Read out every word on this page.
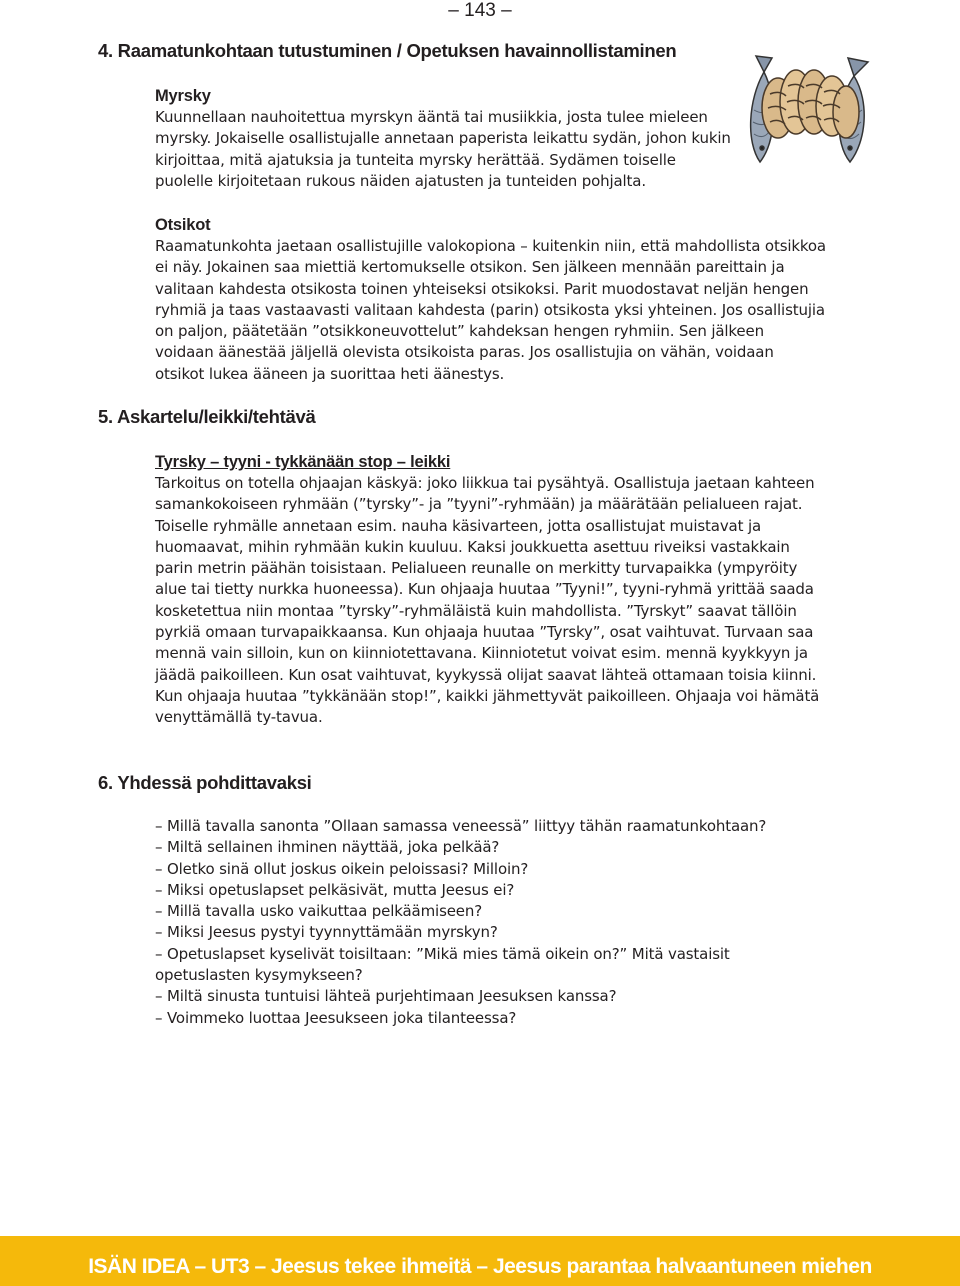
– 143 –
4. Raamatunkohtaan tutustuminen / Opetuksen havainnollistaminen
Myrsky

Kuunnellaan nauhoitettua myrskyn ääntä tai musiikkia, josta tulee mieleen myrsky. Jokaiselle osallistujalle annetaan paperista leikattu sydän, johon kukin kirjoittaa, mitä ajatuksia ja tunteita myrsky herättää. Sydämen toiselle puolelle kirjoitetaan rukous näiden ajatusten ja tunteiden pohjalta.

Otsikot

Raamatunkohta jaetaan osallistujille valokopiona – kuitenkin niin, että mahdollista otsikkoa ei näy. Jokainen saa miettiä kertomukselle otsikon. Sen jälkeen mennään pareittain ja valitaan kahdesta otsikosta toinen yhteiseksi otsikoksi. Parit muodostavat neljän hengen ryhmiä ja taas vastaavasti valitaan kahdesta (parin) otsikosta yksi yhteinen. Jos osallistujia on paljon, päätetään ”otsikkoneuvottelut” kahdeksan hengen ryhmiin. Sen jälkeen voidaan äänestää jäljellä olevista otsikoista paras. Jos osallistujia on vähän, voidaan otsikot lukea ääneen ja suorittaa heti äänestys.

5. Askartelu/leikki/tehtävä
Tyrsky – tyyni - tykkänään stop – leikki

Tarkoitus on totella ohjaajan käskyä: joko liikkua tai pysähtyä. Osallistuja jaetaan kahteen samankokoiseen ryhmään (”tyrsky”- ja ”tyyni”-ryhmään) ja määrätään pelialueen rajat. Toiselle ryhmälle annetaan esim. nauha käsivarteen, jotta osallistujat muistavat ja huomaavat, mihin ryhmään kukin kuuluu. Kaksi joukkuetta asettuu riveiksi vastakkain parin metrin päähän toisistaan. Pelialueen reunalle on merkitty turvapaikka (ympyröity alue tai tietty nurkka huoneessa). Kun ohjaaja huutaa ”Tyyni!”, tyyni-ryhmä yrittää saada kosketettua niin montaa ”tyrsky”-ryhmäläistä kuin mahdollista. ”Tyrskyt” saavat tällöin pyrkiä omaan turvapaikkaansa. Kun ohjaaja huutaa ”Tyrsky”, osat vaihtuvat. Turvaan saa mennä vain silloin, kun on kiinniotettavana. Kiinniotetut voivat esim. mennä kyykkyyn ja jäädä paikoilleen. Kun osat vaihtuvat, kyykyssä olijat saavat lähteä ottamaan toisia kiinni. Kun ohjaaja huutaa ”tykkänään stop!”, kaikki jähmettyvät paikoilleen. Ohjaaja voi hämätä venyttämällä ty-tavua.

6. Yhdessä pohdittavaksi
– Millä tavalla sanonta ”Ollaan samassa veneessä” liittyy tähän raamatunkohtaan?
– Miltä sellainen ihminen näyttää, joka pelkää?
– Oletko sinä ollut joskus oikein peloissasi? Milloin?
– Miksi opetuslapset pelkäsivät, mutta Jeesus ei?
– Millä tavalla usko vaikuttaa pelkäämiseen?
– Miksi Jeesus pystyi tyynnyttämään myrskyn?
– Opetuslapset kyselivät toisiltaan: ”Mikä mies tämä oikein on?” Mitä vastaisit opetuslasten kysymykseen?
– Miltä sinusta tuntuisi lähteä purjehtimaan Jeesuksen kanssa?
– Voimmeko luottaa Jeesukseen joka tilanteessa?
ISÄN IDEA – UT3 – Jeesus tekee ihmeitä – Jeesus parantaa halvaantuneen miehen
